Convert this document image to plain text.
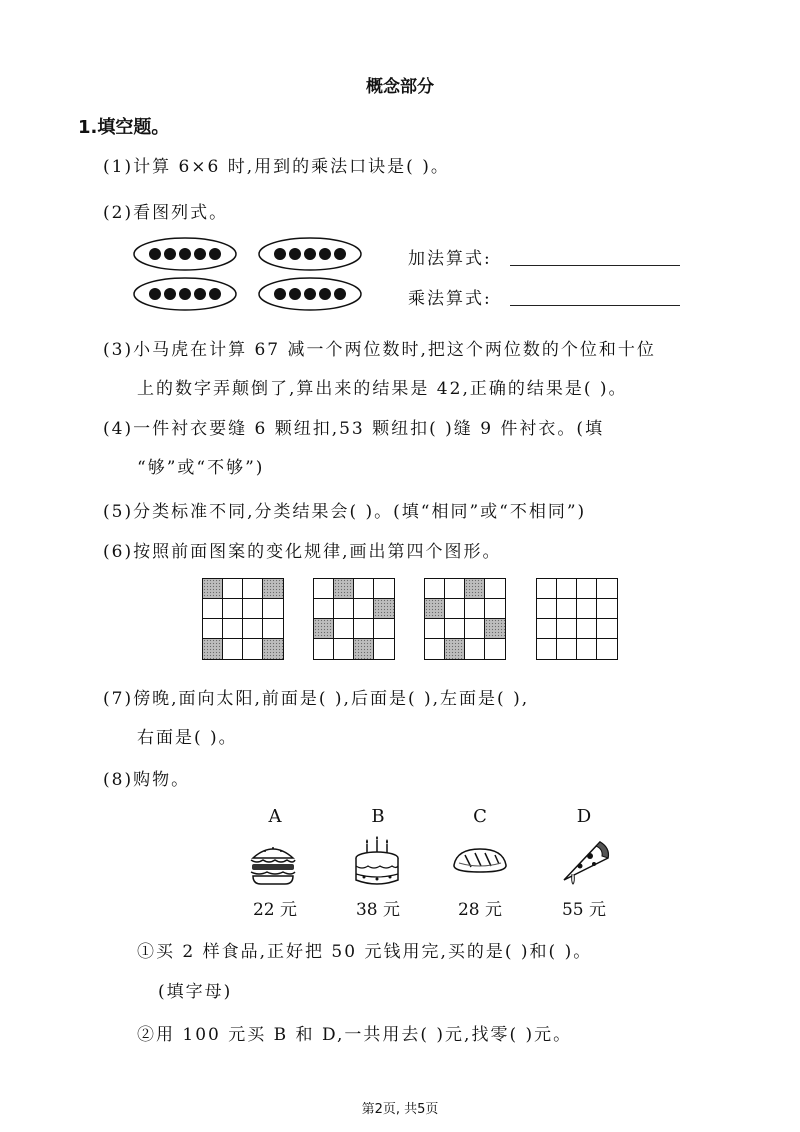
概念部分
1.填空题。
(1)计算 6×6 时,用到的乘法口诀是( )。
(2)看图列式。
加法算式:
乘法算式:
(3)小马虎在计算 67 减一个两位数时,把这个两位数的个位和十位
上的数字弄颠倒了,算出来的结果是 42,正确的结果是( )。
(4)一件衬衣要缝 6 颗纽扣,53 颗纽扣( )缝 9 件衬衣。(填
“够”或“不够”)
(5)分类标准不同,分类结果会( )。(填“相同”或“不相同”)
(6)按照前面图案的变化规律,画出第四个图形。
(7)傍晚,面向太阳,前面是( ),后面是( ),左面是( ),
右面是( )。
(8)购物。
A	B	C	D
22 元	38 元	28 元	55 元
①买 2 样食品,正好把 50 元钱用完,买的是( )和( )。
(填字母)
②用 100 元买 B 和 D,一共用去( )元,找零( )元。
第2页, 共5页
